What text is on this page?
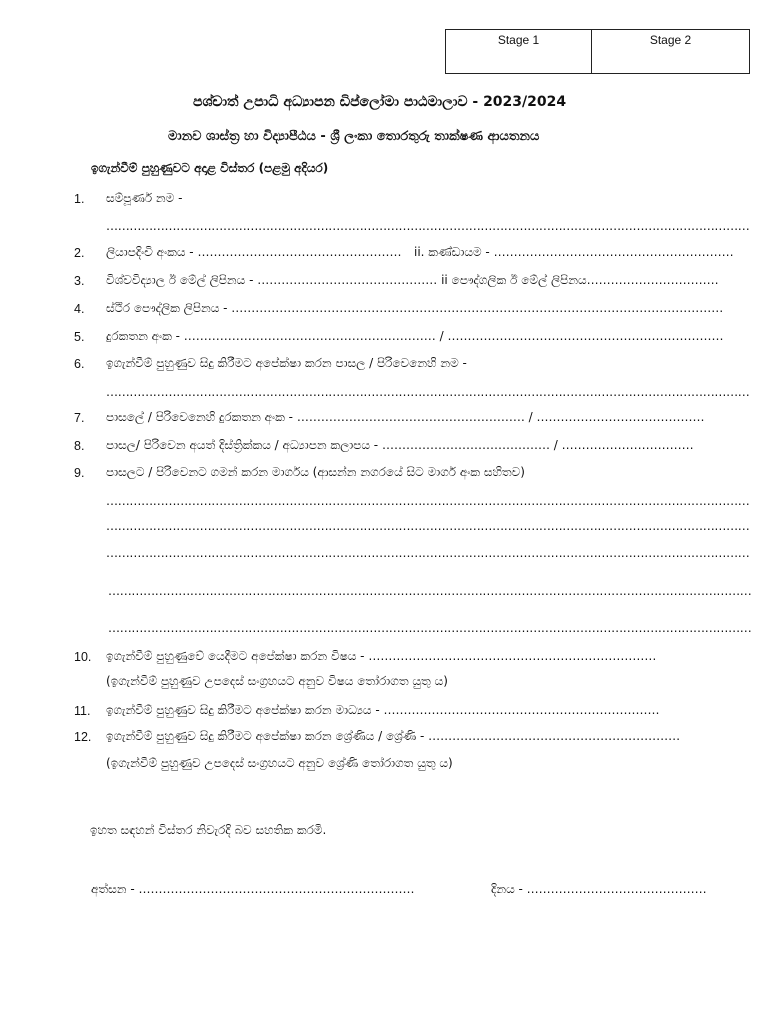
Stage 1	Stage 2
පශ්චාත් උපාධි අධ්‍යාපන ඩිප්ලෝමා පාඨමාලාව - 2023/2024
මානව ශාස්ත්‍ර හා විද්‍යාපීඨය - ශ්‍රී ලංකා තොරතුරු තාක්ෂණ ආයතනය
ඉගැන්වීම් පුහුණුවට අදාළ විස්තර (පළමු අදියර)
1. සම්පූර්ණ නම -
…………………………………………………………………………………………………………………………………………………
2. ලියාපදිංචි අංකය - …………………………………………… ii. කණ්ඩායම - ……………………………………………………
3. විශ්වවිද්‍යාල ඊ මේල් ලිපිනය - ……………………………………… ii පෞද්ගලික ඊ මේල් ලිපිනය……………………………
4. ස්ථිර පෞද්ලික ලිපිනය - ……………………………………………………………………………………………………………
5. දුරකතන අංක - ……………………………………………………… / ……………………………………………………………
6. ඉගැන්වීම් පුහුණුව සිදු කිරීමට අපේක්ෂා කරන පාසල / පිරිවෙනෙහි නම -
…………………………………………………………………………………………………………………………………………………
7. පාසලේ / පිරිවෙනෙහි දුරකතන අංක - ………………………………………………… / ……………………………………
8. පාසල/ පිරිවෙන අයත් දිස්ත්‍රික්කය / අධ්‍යාපන කලාපය - …………………………………… / ……………………………
9. පාසලට / පිරිවෙනට ගමන් කරන මාර්ගය (ආසන්න නගරයේ සිට මාර්ග අංක සහිතව)
…………………………………………………………………………………………………………………………………………………
…………………………………………………………………………………………………………………………………………………
…………………………………………………………………………………………………………………………………………………
…………………………………………………………………………………………………………………………………………………
…………………………………………………………………………………………………………………………………………………
10. ඉගැන්වීම් පුහුණුවේ යෙදීමට අපේක්ෂා කරන විෂය - ………………………………………………………………
(ඉගැන්වීම් පුහුණුව උපදෙස් සංග්‍රහයට අනුව විෂය තෝරාගත යුතු ය)
11. ඉගැන්වීම් පුහුණුව සිදු කිරීමට අපේක්ෂා කරන මාධ්‍යය - ……………………………………………………………
12. ඉගැන්වීම් පුහුණුව සිදු කිරීමට අපේක්ෂා කරන ශ්‍රේණිය / ශ්‍රේණි - ………………………………………………………
(ඉගැන්වීම් පුහුණුව උපදෙස් සංග්‍රහයට අනුව ශ්‍රේණි තෝරාගත යුතු ය)
ඉහත සඳහන් විස්තර නිවැරදි බව සහතික කරමි.
අත්සන - ……………………………………………………………	දිනය - ………………………………………
